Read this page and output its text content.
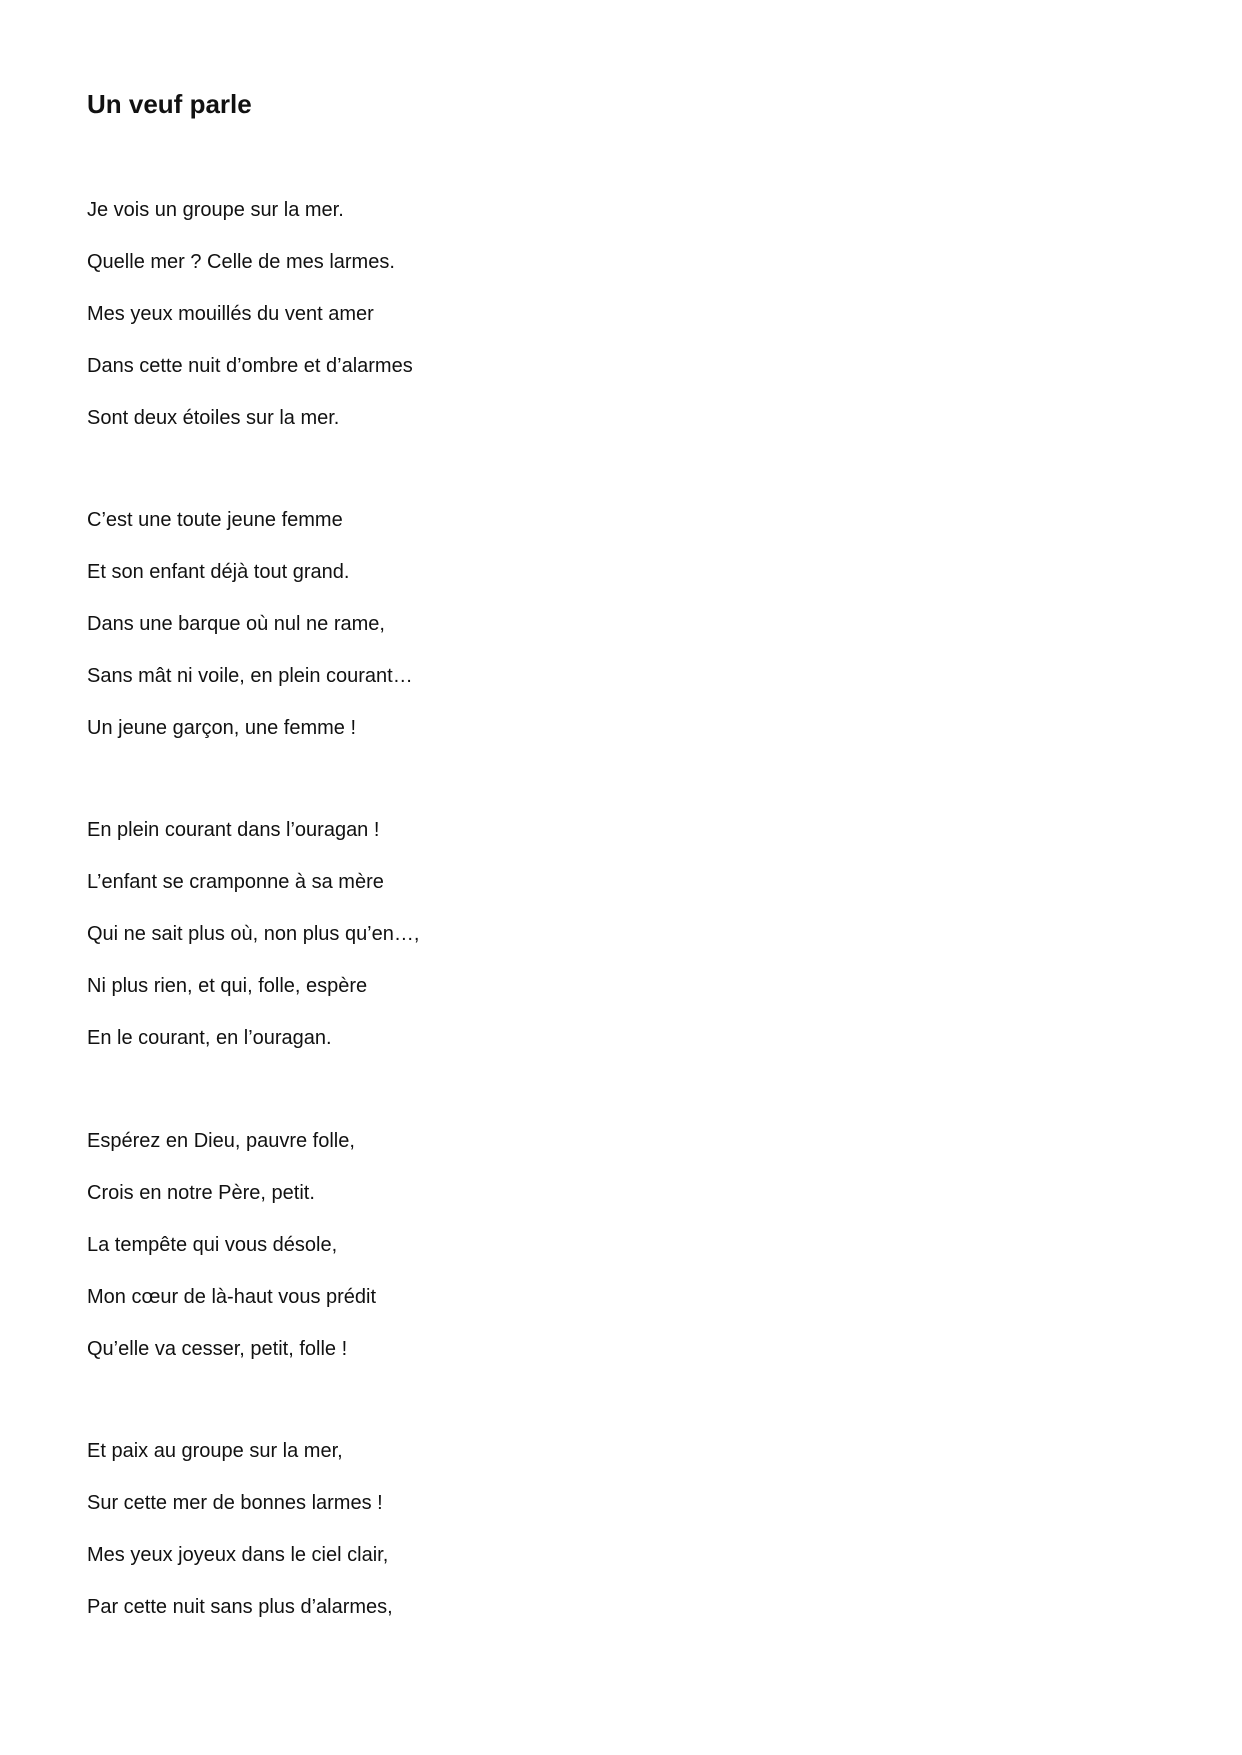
Un veuf parle

Je vois un groupe sur la mer.

Quelle mer ? Celle de mes larmes.

Mes yeux mouillés du vent amer

Dans cette nuit d’ombre et d’alarmes

Sont deux étoiles sur la mer.

C’est une toute jeune femme

Et son enfant déjà tout grand.

Dans une barque où nul ne rame,

Sans mât ni voile, en plein courant…

Un jeune garçon, une femme !

En plein courant dans l’ouragan !

L’enfant se cramponne à sa mère

Qui ne sait plus où, non plus qu’en…,

Ni plus rien, et qui, folle, espère

En le courant, en l’ouragan.

Espérez en Dieu, pauvre folle,

Crois en notre Père, petit.

La tempête qui vous désole,

Mon cœur de là-haut vous prédit

Qu’elle va cesser, petit, folle !

Et paix au groupe sur la mer,

Sur cette mer de bonnes larmes !

Mes yeux joyeux dans le ciel clair,

Par cette nuit sans plus d’alarmes,
